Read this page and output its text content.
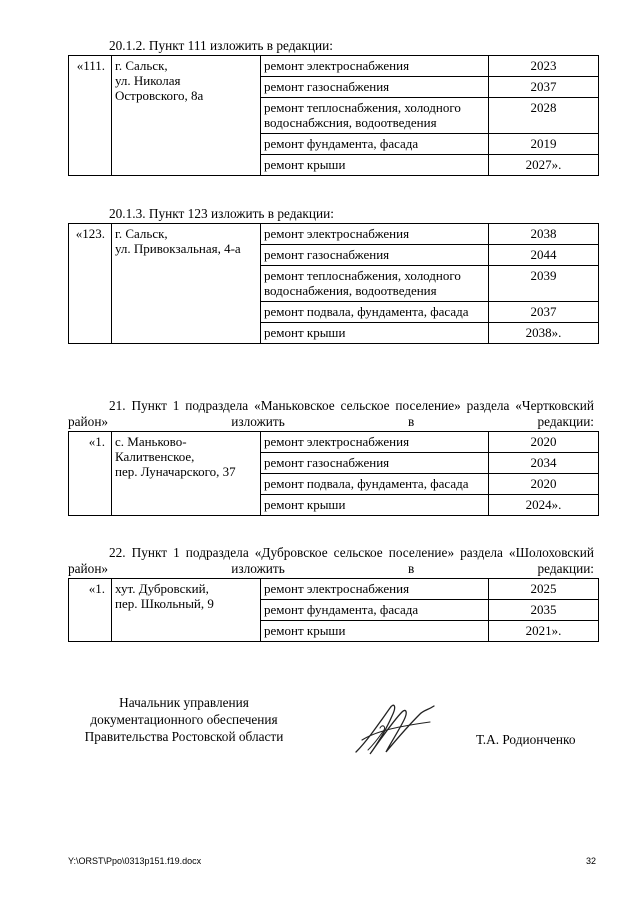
20.1.2. Пункт 111 изложить в редакции:
«111.	г. Сальск,
ул. Николая
Островского, 8а	ремонт электроснабжения	2023
		ремонт газоснабжения	2037
		ремонт теплоснабжения, холодного водоснабжсния, водоотведения	2028
		ремонт фундамента, фасада	2019
		ремонт крыши	2027».
20.1.3. Пункт 123 изложить в редакции:
«123.	г. Сальск,
ул. Привокзальная, 4-а	ремонт электроснабжения	2038
		ремонт газоснабжения	2044
		ремонт теплоснабжения, холодного водоснабжения, водоотведения	2039
		ремонт подвала, фундамента, фасада	2037
		ремонт крыши	2038».
21. Пункт 1 подраздела «Маньковское сельское поселение» раздела «Чертковский район» изложить в редакции:
«1.	с. Маньково-
Калитвенское,
пер. Луначарского, 37	ремонт электроснабжения	2020
		ремонт газоснабжения	2034
		ремонт подвала, фундамента, фасада	2020
		ремонт крыши	2024».
22. Пункт 1 подраздела «Дубровское сельское поселение» раздела «Шолоховский район» изложить в редакции:
«1.	хут. Дубровский,
пер. Школьный, 9	ремонт электроснабжения	2025
		ремонт фундамента, фасада	2035
		ремонт крыши	2021».
Начальник управления
документационного обеспечения
Правительства Ростовской области	Т.А. Родионченко
Y:\ORST\Ppo\0313p151.f19.docx	32
